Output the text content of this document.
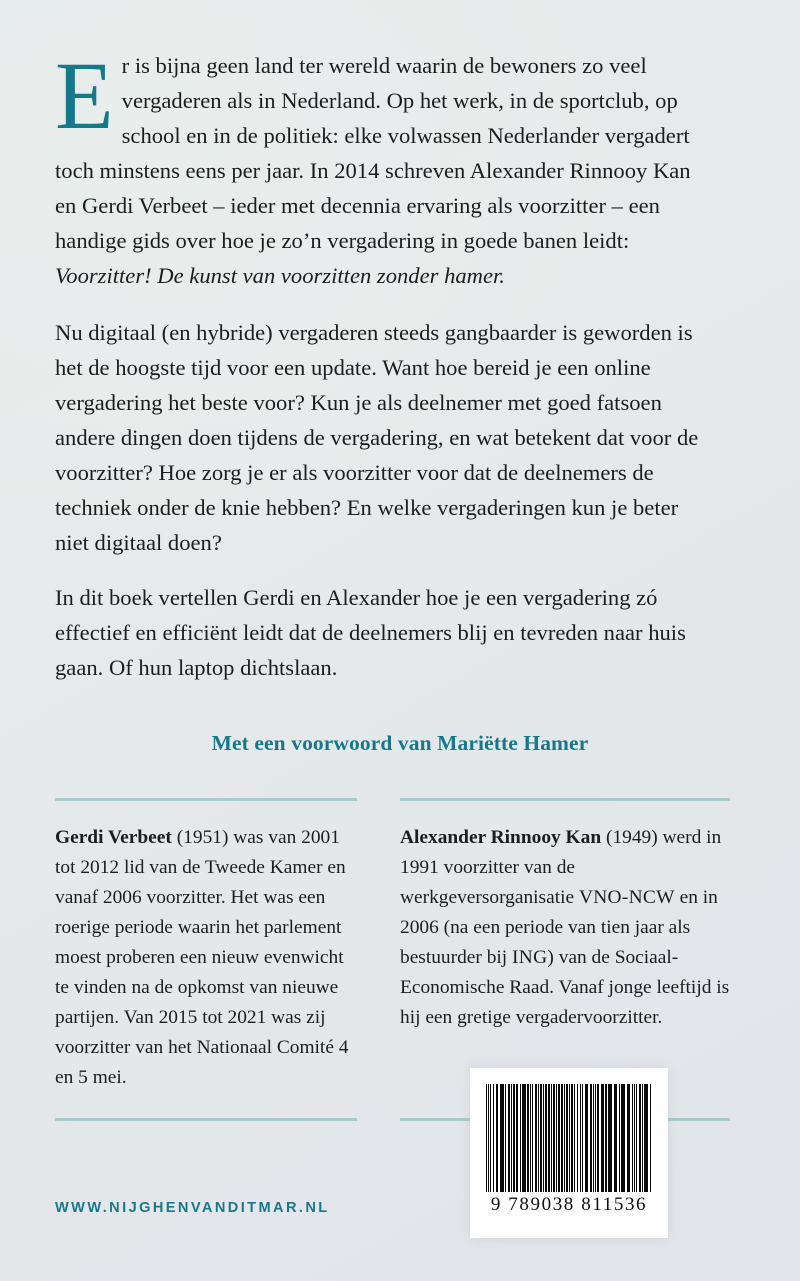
Er is bijna geen land ter wereld waarin de bewoners zo veel vergaderen als in Nederland. Op het werk, in de sportclub, op school en in de politiek: elke volwassen Nederlander vergadert toch minstens eens per jaar. In 2014 schreven Alexander Rinnooy Kan en Gerdi Verbeet – ieder met decennia ervaring als voorzitter – een handige gids over hoe je zo’n vergadering in goede banen leidt: Voorzitter! De kunst van voorzitten zonder hamer.

Nu digitaal (en hybride) vergaderen steeds gangbaarder is geworden is het de hoogste tijd voor een update. Want hoe bereid je een online vergadering het beste voor? Kun je als deelnemer met goed fatsoen andere dingen doen tijdens de vergadering, en wat betekent dat voor de voorzitter? Hoe zorg je er als voorzitter voor dat de deelnemers de techniek onder de knie hebben? En welke vergaderingen kun je beter niet digitaal doen?

In dit boek vertellen Gerdi en Alexander hoe je een vergadering zó effectief en efficiënt leidt dat de deelnemers blij en tevreden naar huis gaan. Of hun laptop dichtslaan.

Met een voorwoord van Mariëtte Hamer
Gerdi Verbeet (1951) was van 2001 tot 2012 lid van de Tweede Kamer en vanaf 2006 voorzitter. Het was een roerige periode waarin het parlement moest proberen een nieuw evenwicht te vinden na de opkomst van nieuwe partijen. Van 2015 tot 2021 was zij voorzitter van het Nationaal Comité 4 en 5 mei.
Alexander Rinnooy Kan (1949) werd in 1991 voorzitter van de werkgeversorganisatie VNO-NCW en in 2006 (na een periode van tien jaar als bestuurder bij ING) van de Sociaal-Economische Raad. Vanaf jonge leeftijd is hij een gretige vergadervoorzitter.
9 789038 811536
WWW.NIJGHENVANDITMAR.NL
